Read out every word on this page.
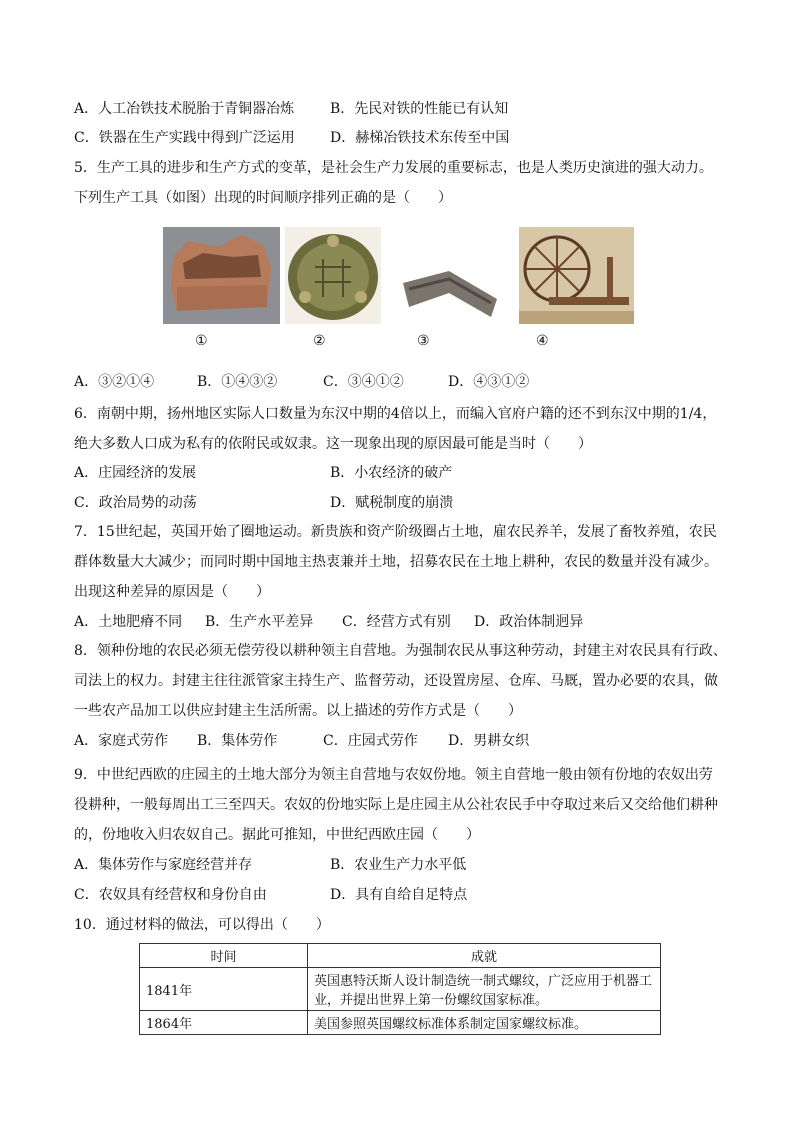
A．人工冶铁技术脱胎于青铜器冶炼	B．先民对铁的性能已有认知
C．铁器在生产实践中得到广泛运用	D．赫梯冶铁技术东传至中国
5．生产工具的进步和生产方式的变革，是社会生产力发展的重要标志，也是人类历史演进的强大动力。
下列生产工具（如图）出现的时间顺序排列正确的是（　　）
①	②	③	④
A．③②①④	B．①④③②	C．③④①②	D．④③①②
6．南朝中期，扬州地区实际人口数量为东汉中期的4倍以上，而编入官府户籍的还不到东汉中期的1/4，
绝大多数人口成为私有的依附民或奴隶。这一现象出现的原因最可能是当时（　　）
A．庄园经济的发展	B．小农经济的破产
C．政治局势的动荡	D．赋税制度的崩溃
7．15世纪起，英国开始了圈地运动。新贵族和资产阶级圈占土地，雇农民养羊，发展了畜牧养殖，农民
群体数量大大减少；而同时期中国地主热衷兼并土地，招募农民在土地上耕种，农民的数量并没有减少。
出现这种差异的原因是（　　）
A．土地肥瘠不同 B．生产水平差异 C．经营方式有别 D．政治体制迥异
8．领种份地的农民必须无偿劳役以耕种领主自营地。为强制农民从事这种劳动，封建主对农民具有行政、
司法上的权力。封建主往往派管家主持生产、监督劳动，还设置房屋、仓库、马厩，置办必要的农具，做
一些农产品加工以供应封建主生活所需。以上描述的劳作方式是（　　）
A．家庭式劳作 B．集体劳作	C．庄园式劳作 D．男耕女织
9．中世纪西欧的庄园主的土地大部分为领主自营地与农奴份地。领主自营地一般由领有份地的农奴出劳
役耕种，一般每周出工三至四天。农奴的份地实际上是庄园主从公社农民手中夺取过来后又交给他们耕种
的，份地收入归农奴自己。据此可推知，中世纪西欧庄园（　　）
A．集体劳作与家庭经营并存	B．农业生产力水平低
C．农奴具有经营权和身份自由	D．具有自给自足特点
10．通过材料的做法，可以得出（　　）
时间	成就
1841年	英国惠特沃斯人设计制造统一制式螺纹，广泛应用于机器工业，并提出世界上第一份螺纹国家标准。
1864年	美国参照英国螺纹标准体系制定国家螺纹标准。
